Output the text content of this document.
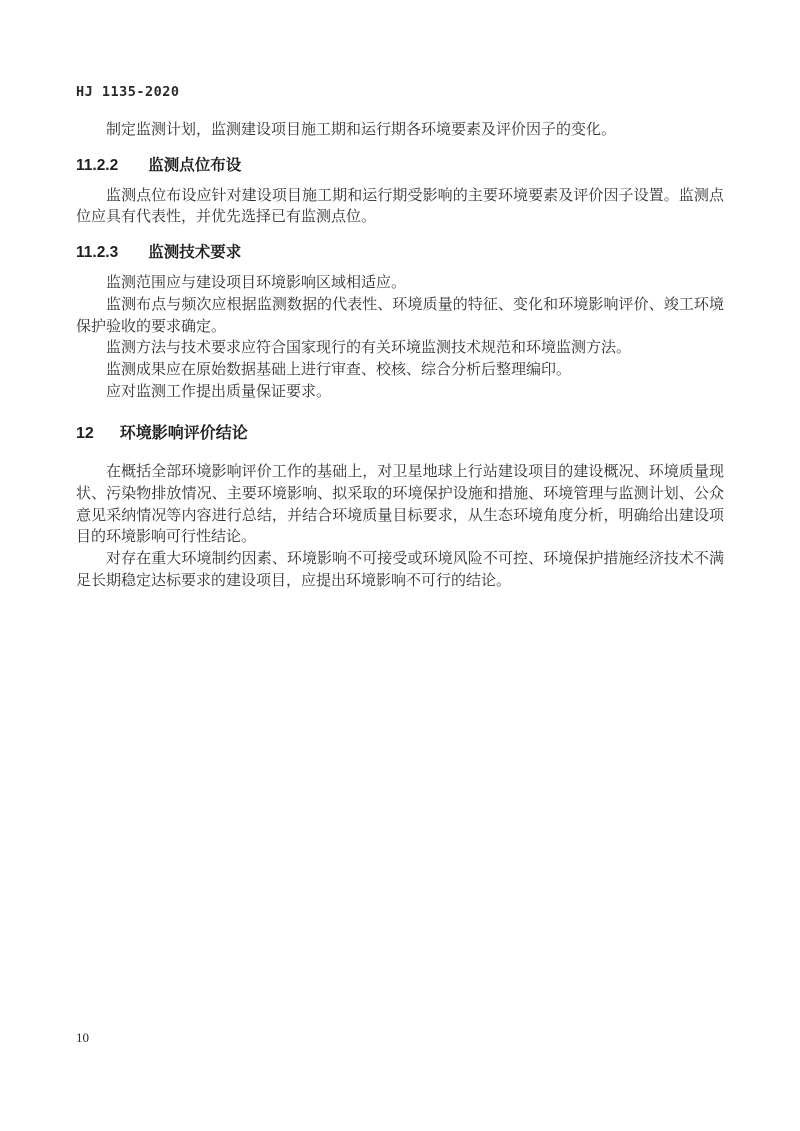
HJ 1135-2020

制定监测计划，监测建设项目施工期和运行期各环境要素及评价因子的变化。

11.2.2 监测点位布设

监测点位布设应针对建设项目施工期和运行期受影响的主要环境要素及评价因子设置。监测点位应具有代表性，并优先选择已有监测点位。

11.2.3 监测技术要求

监测范围应与建设项目环境影响区域相适应。

监测布点与频次应根据监测数据的代表性、环境质量的特征、变化和环境影响评价、竣工环境保护验收的要求确定。

监测方法与技术要求应符合国家现行的有关环境监测技术规范和环境监测方法。

监测成果应在原始数据基础上进行审查、校核、综合分析后整理编印。

应对监测工作提出质量保证要求。

12 环境影响评价结论

在概括全部环境影响评价工作的基础上，对卫星地球上行站建设项目的建设概况、环境质量现状、污染物排放情况、主要环境影响、拟采取的环境保护设施和措施、环境管理与监测计划、公众意见采纳情况等内容进行总结，并结合环境质量目标要求，从生态环境角度分析，明确给出建设项目的环境影响可行性结论。

对存在重大环境制约因素、环境影响不可接受或环境风险不可控、环境保护措施经济技术不满足长期稳定达标要求的建设项目，应提出环境影响不可行的结论。

10
